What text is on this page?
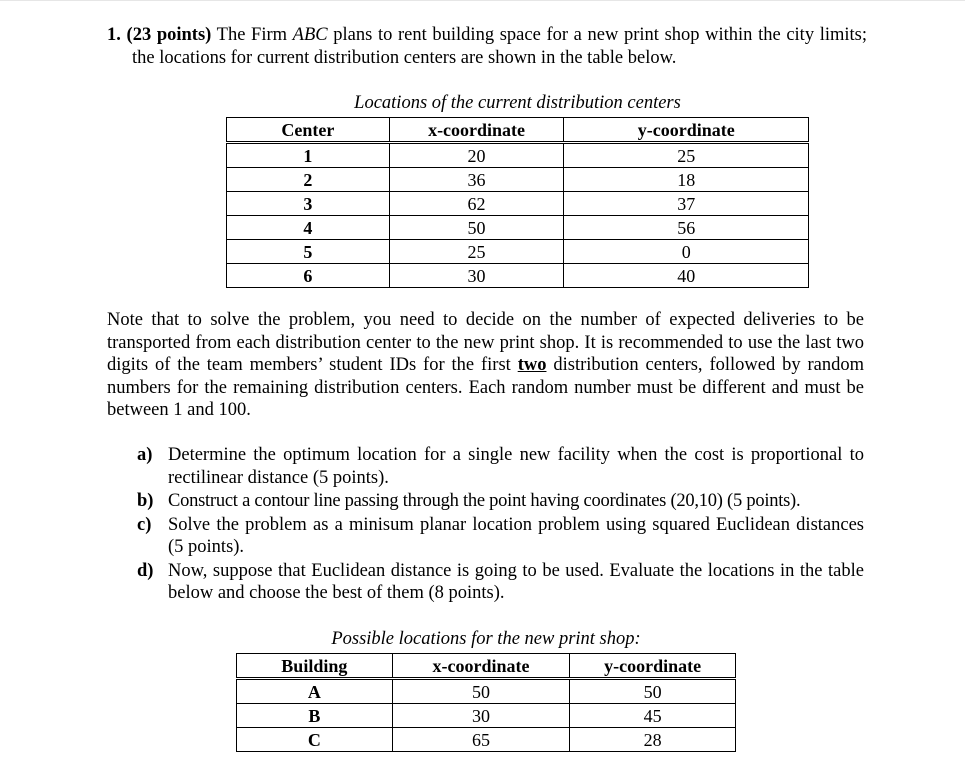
1. (23 points) The Firm ABC plans to rent building space for a new print shop within the city limits; the locations for current distribution centers are shown in the table below.
Locations of the current distribution centers
Center	x-coordinate	y-coordinate
1	20	25
2	36	18
3	62	37
4	50	56
5	25	0
6	30	40
Note that to solve the problem, you need to decide on the number of expected deliveries to be transported from each distribution center to the new print shop. It is recommended to use the last two digits of the team members’ student IDs for the first two distribution centers, followed by random numbers for the remaining distribution centers. Each random number must be different and must be between 1 and 100.
a) Determine the optimum location for a single new facility when the cost is proportional to rectilinear distance (5 points).
b) Construct a contour line passing through the point having coordinates (20,10) (5 points).
c) Solve the problem as a minisum planar location problem using squared Euclidean distances (5 points).
d) Now, suppose that Euclidean distance is going to be used. Evaluate the locations in the table below and choose the best of them (8 points).
Possible locations for the new print shop:
Building	x-coordinate	y-coordinate
A	50	50
B	30	45
C	65	28
